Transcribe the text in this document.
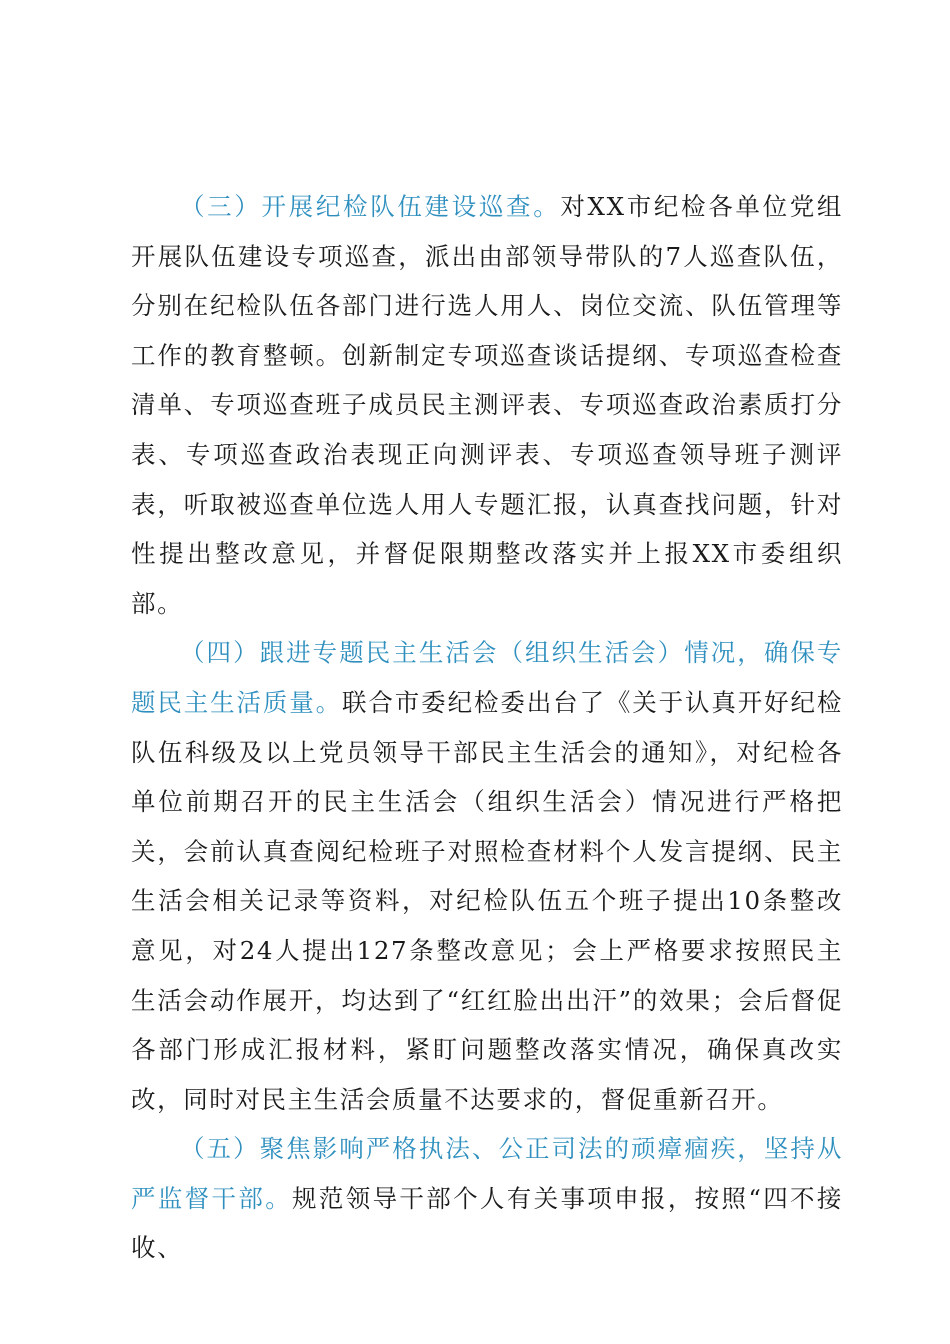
（三）开展纪检队伍建设巡查。对XX市纪检各单位党组开展队伍建设专项巡查，派出由部领导带队的7人巡查队伍，分别在纪检队伍各部门进行选人用人、岗位交流、队伍管理等工作的教育整顿。创新制定专项巡查谈话提纲、专项巡查检查清单、专项巡查班子成员民主测评表、专项巡查政治素质打分表、专项巡查政治表现正向测评表、专项巡查领导班子测评表，听取被巡查单位选人用人专题汇报，认真查找问题，针对性提出整改意见，并督促限期整改落实并上报XX市委组织部。

（四）跟进专题民主生活会（组织生活会）情况，确保专题民主生活质量。联合市委纪检委出台了《关于认真开好纪检队伍科级及以上党员领导干部民主生活会的通知》，对纪检各单位前期召开的民主生活会（组织生活会）情况进行严格把关，会前认真查阅纪检班子对照检查材料个人发言提纲、民主生活会相关记录等资料，对纪检队伍五个班子提出10条整改意见，对24人提出127条整改意见；会上严格要求按照民主生活会动作展开，均达到了“红红脸出出汗”的效果；会后督促各部门形成汇报材料，紧盯问题整改落实情况，确保真改实改，同时对民主生活会质量不达要求的，督促重新召开。

（五）聚焦影响严格执法、公正司法的顽瘴痼疾，坚持从严监督干部。规范领导干部个人有关事项申报，按照“四不接收、
